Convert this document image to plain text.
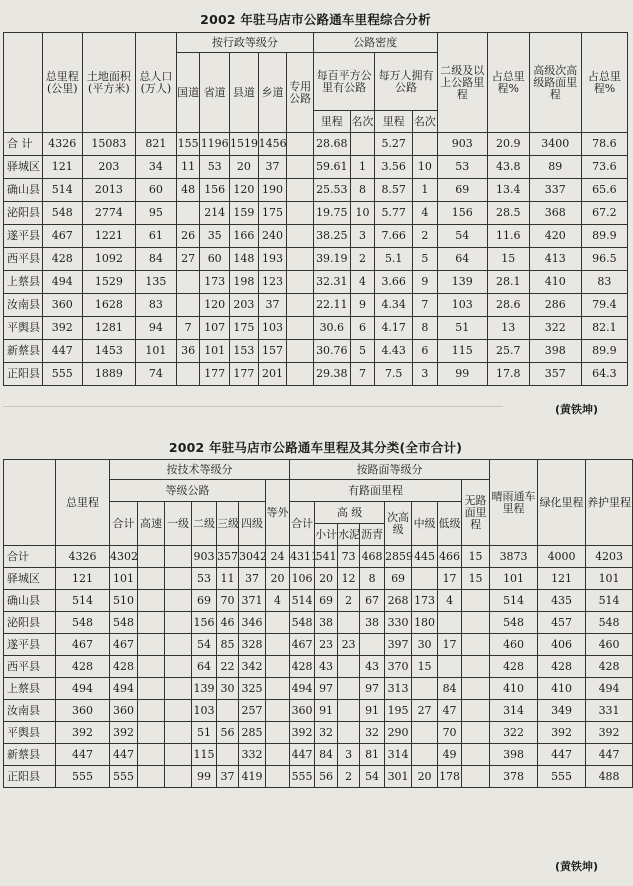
2002 年驻马店市公路通车里程综合分析
	总里程(公里)	土地面积(平方米)	总人口(万人)	按行政等级分					公路密度				二级及以上公路里程	占总里程%	高级次高级路面里程	占总里程%
				国道	省道	县道	乡道	专用公路	每百平方公里有公路		每万人拥有公路					
									里程	名次	里程	名次				
合 计	4326	15083	821	155	1196	1519	1456		28.68		5.27		903	20.9	3400	78.6
驿城区	121	203	34	11	53	20	37		59.61	1	3.56	10	53	43.8	89	73.6
确山县	514	2013	60	48	156	120	190		25.53	8	8.57	1	69	13.4	337	65.6
泌阳县	548	2774	95		214	159	175		19.75	10	5.77	4	156	28.5	368	67.2
遂平县	467	1221	61	26	35	166	240		38.25	3	7.66	2	54	11.6	420	89.9
西平县	428	1092	84	27	60	148	193		39.19	2	5.1	5	64	15	413	96.5
上蔡县	494	1529	135		173	198	123		32.31	4	3.66	9	139	28.1	410	83
汝南县	360	1628	83		120	203	37		22.11	9	4.34	7	103	28.6	286	79.4
平舆县	392	1281	94	7	107	175	103		30.6	6	4.17	8	51	13	322	82.1
新蔡县	447	1453	101	36	101	153	157		30.76	5	4.43	6	115	25.7	398	89.9
正阳县	555	1889	74		177	177	201		29.38	7	7.5	3	99	17.8	357	64.3
(黄铁坤)
2002 年驻马店市公路通车里程及其分类(全市合计)
	总里程	按技术等级分							按路面等级分								晴雨通车里程	绿化里程	养护里程
		等级公路						等外	有路面里程							无路面里程			
		合计	高速	一级	二级	三级	四级		合计	高 级			次高级	中级	低级				
										小计	水泥	沥青							
合计	4326	4302			903	357	3042	24	4311	541	73	468	2859	445	466	15	3873	4000	4203
驿城区	121	101			53	11	37	20	106	20	12	8	69		17	15	101	121	101
确山县	514	510			69	70	371	4	514	69	2	67	268	173	4		514	435	514
泌阳县	548	548			156	46	346		548	38		38	330	180			548	457	548
遂平县	467	467			54	85	328		467	23	23		397	30	17		460	406	460
西平县	428	428			64	22	342		428	43		43	370	15			428	428	428
上蔡县	494	494			139	30	325		494	97		97	313		84		410	410	494
汝南县	360	360			103		257		360	91		91	195	27	47		314	349	331
平舆县	392	392			51	56	285		392	32		32	290		70		322	392	392
新蔡县	447	447			115		332		447	84	3	81	314		49		398	447	447
正阳县	555	555			99	37	419		555	56	2	54	301	20	178		378	555	488
(黄铁坤)
